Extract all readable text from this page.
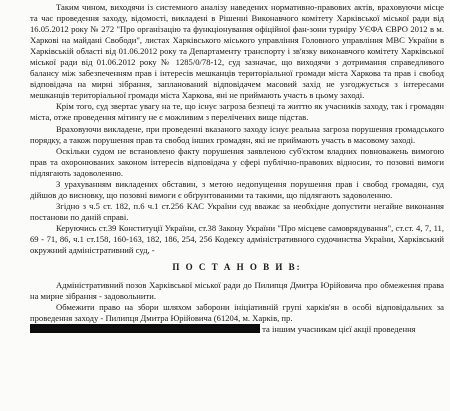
Таким чином, виходячи із системного аналізу наведених нормативно-правових актів, враховуючи місце та час проведення заходу, відомості, викладені в Рішенні Виконавчого комітету Харківської міської ради від 16.05.2012 року № 272 "Про організацію та функціонування офіційної фан-зони турніру УЄФА ЄВРО 2012 в м. Харкові на майдані Свободи", листах Харківського міського управління Головного управління МВС України в Харківській області від 01.06.2012 року та Департаменту транспорту і зв'язку виконавчого комітету Харківської міської ради від 01.06.2012 року № 1285/0/78-12, суд зазначає, що виходячи з дотримання справедливого балансу між забезпеченням прав і інтересів мешканців територіальної громади міста Харкова та прав і свобод відповідача на мирні зібрання, запланований відповідачем масовий захід не узгоджується з інтересами мешканців територіальної громади міста Харкова, яні не приймають участь в цьому заході.

Крім того, суд звертає увагу на те, що існує загроза безпеці та життю як учасників заходу, так і громадян міста, отже проведення мітингу не є можливим з перелічених вище підстав.

Враховуючи викладене, при проведенні вказаного заходу існує реальна загроза порушення громадського порядку, а також порушення прав та свобод інших громадян, які не приймають участь в масовому заході.

Оскільки судом не встановлено факту порушення заявленою суб'єктом владних повноважень вимогою прав та охоронюваних законом інтересів відповідача у сфері публічно-правових відносин, то позовні вимоги підлягають задоволенню.

З урахуванням викладених обставин, з метою недопущення порушення прав і свобод громадян, суд дійшов до висновку, що позовні вимоги є обґрунтованими та такими, що підлягають задоволенню.

Згідно з ч.5 ст. 182, п.6 ч.1 ст.256 КАС України суд вважає за необхідне допустити негайне виконання постанови по даній справі.

Керуючись ст.39 Конституції України, ст.38 Закону України "Про місцеве самоврядування", ст.ст. 4, 7, 11, 69 - 71, 86, ч.1 ст.158, 160-163, 182, 186, 254, 256 Кодексу адміністративного судочинства України, Харківський окружний адміністративний суд, -

П О С Т А Н О В И В:

Адміністративний позов Харківської міської ради до Пилипця Дмитра Юрійовича про обмеження права на мирне зібрання - задовольнити.

Обмежити право на збори шляхом заборони ініціативній групі харків'ян в особі відповідальних за проведення заходу - Пилипця Дмитра Юрійовича (61204, м. Харків, пр.

та іншим учасникам цієї акції проведення
